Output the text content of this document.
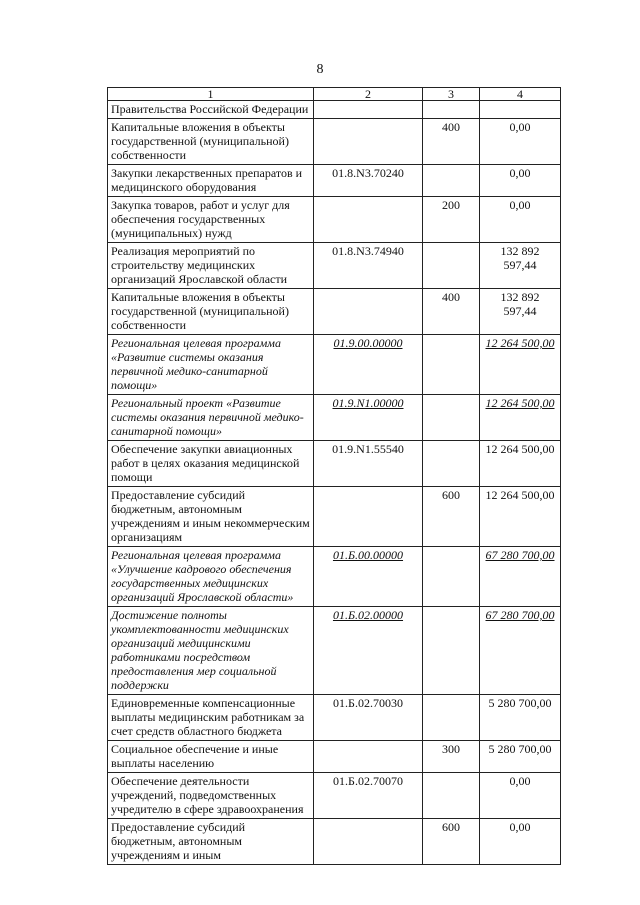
8
1	2	3	4
Правительства Российской Федерации			
Капитальные вложения в объекты государственной (муниципальной) собственности		400	0,00
Закупки лекарственных препаратов и медицинского оборудования	01.8.N3.70240		0,00
Закупка товаров, работ и услуг для обеспечения государственных (муниципальных) нужд		200	0,00
Реализация мероприятий по строительству медицинских организаций Ярославской области	01.8.N3.74940		132 892 597,44
Капитальные вложения в объекты государственной (муниципальной) собственности		400	132 892 597,44
Региональная целевая программа «Развитие системы оказания первичной медико-санитарной помощи»	01.9.00.00000		12 264 500,00
Региональный проект «Развитие системы оказания первичной медико-санитарной помощи»	01.9.N1.00000		12 264 500,00
Обеспечение закупки авиационных работ в целях оказания медицинской помощи	01.9.N1.55540		12 264 500,00
Предоставление субсидий бюджетным, автономным учреждениям и иным некоммерческим организациям		600	12 264 500,00
Региональная целевая программа «Улучшение кадрового обеспечения государственных медицинских организаций Ярославской области»	01.Б.00.00000		67 280 700,00
Достижение полноты укомплектованности медицинских организаций медицинскими работниками посредством предоставления мер социальной поддержки	01.Б.02.00000		67 280 700,00
Единовременные компенсационные выплаты медицинским работникам за счет средств областного бюджета	01.Б.02.70030		5 280 700,00
Социальное обеспечение и иные выплаты населению		300	5 280 700,00
Обеспечение деятельности учреждений, подведомственных учредителю в сфере здравоохранения	01.Б.02.70070		0,00
Предоставление субсидий бюджетным, автономным учреждениям и иным		600	0,00
